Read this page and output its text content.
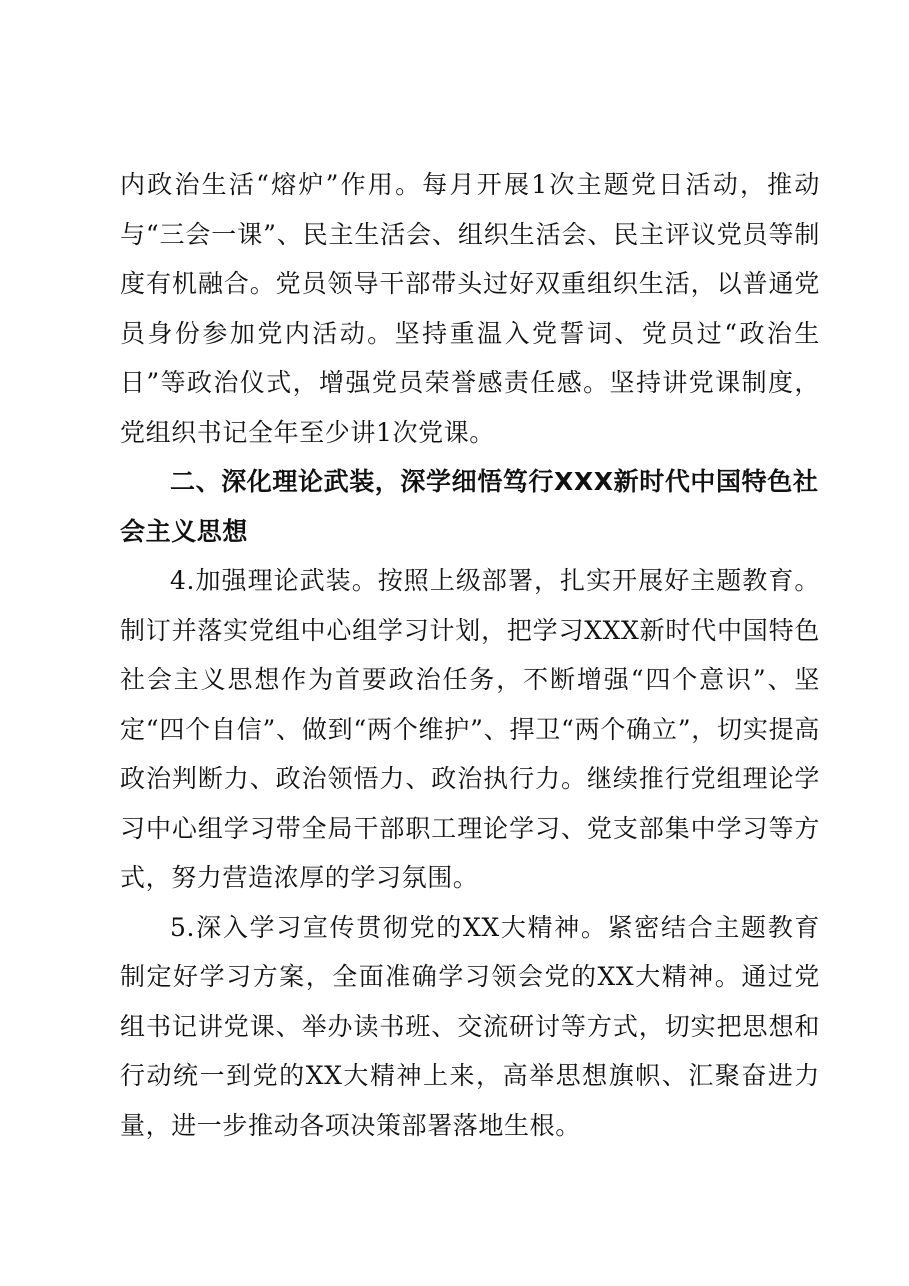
内政治生活“熔炉”作用。每月开展1次主题党日活动，推动与“三会一课”、民主生活会、组织生活会、民主评议党员等制度有机融合。党员领导干部带头过好双重组织生活，以普通党员身份参加党内活动。坚持重温入党誓词、党员过“政治生日”等政治仪式，增强党员荣誉感责任感。坚持讲党课制度，党组织书记全年至少讲1次党课。

二、深化理论武装，深学细悟笃行XXX新时代中国特色社会主义思想

4.加强理论武装。按照上级部署，扎实开展好主题教育。制订并落实党组中心组学习计划，把学习XXX新时代中国特色社会主义思想作为首要政治任务，不断增强“四个意识”、坚定“四个自信”、做到“两个维护”、捍卫“两个确立”，切实提高政治判断力、政治领悟力、政治执行力。继续推行党组理论学习中心组学习带全局干部职工理论学习、党支部集中学习等方式，努力营造浓厚的学习氛围。

5.深入学习宣传贯彻党的XX大精神。紧密结合主题教育制定好学习方案，全面准确学习领会党的XX大精神。通过党组书记讲党课、举办读书班、交流研讨等方式，切实把思想和行动统一到党的XX大精神上来，高举思想旗帜、汇聚奋进力量，进一步推动各项决策部署落地生根。
